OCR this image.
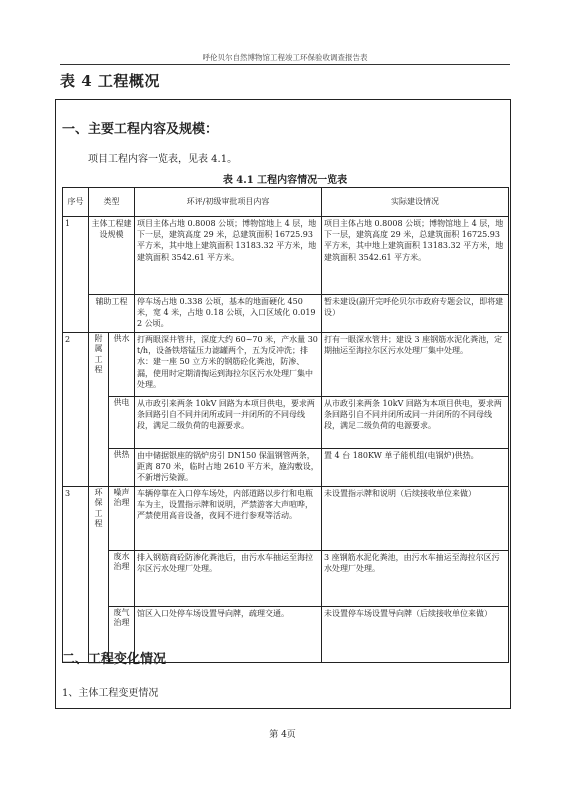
呼伦贝尔自然博物馆工程竣工环保验收调查报告表
表 4 工程概况
一、主要工程内容及规模：
项目工程内容一览表，见表 4.1。
表 4.1 工程内容情况一览表
序号	类型		环评/初级审批项目内容	实际建设情况
1	主体工程建设规模		项目主体占地 0.8008 公顷；博物馆地上 4 层，地下一层，建筑高度 29 米，总建筑面积 16725.93 平方米，其中地上建筑面积 13183.32 平方米，地建筑面积 3542.61 平方米。	项目主体占地 0.8008 公顷；博物馆地上 4 层，地下一层，建筑高度 29 米，总建筑面积 16725.93 平方米，其中地上建筑面积 13183.32 平方米，地建筑面积 3542.61 平方米。
	辅助工程		停车场占地 0.338 公顷，基本的地面硬化 450 米，宽 4 米，占地 0.18 公顷，入口区域化 0.0192 公顷。	暂未建设(副开完呼伦贝尔市政府专题会议，即将建设）
2	附属工程	供水	打两眼深井管井，深度大约 60~70 米，产水量 30t/h，设备铁塔锰压力滤罐两个，五为反冲洗；排水：建一座 50 立方米的钢筋砼化粪池，防渗、漏，使用时定期清掏运到海拉尔区污水处理厂集中处理。	打有一眼深水管井；建设 3 座钢筋水泥化粪池，定期抽运至海拉尔区污水处理厂集中处理。
		供电	从市政引来两条 10kV 回路为本项目供电，要求两条回路引自不同并闭所或同一并闭所的不同母线段，满足二级负荷的电源要求。	从市政引来两条 10kV 回路为本项目供电，要求两条回路引自不同并闭所或同一并闭所的不同母线段，满足二级负荷的电源要求。
		供热	由中储据银座的锅炉房引 DN150 保温钢管两条，距离 870 米，临时占地 2610 平方米，施沟敷设，不新增污染源。	置 4 台 180KW 单子能机组(电锅炉)供热。
3	环保工程	噪声治理	车辆停靠在入口停车场处，内部道路以步行和电瓶车为主，设置指示牌和说明，严禁游客大声喧哗，严禁使用高音设备，夜间不进行参观等活动。	未设置指示牌和说明（后续接收单位来做）
		废水治理	排入钢筋商砼防渗化粪池后，由污水车抽运至海拉尔区污水处理厂处理。	3 座钢筋水泥化粪池，由污水车抽运至海拉尔区污水处理厂处理。
		废气治理	馆区入口处停车场设置导向牌，疏理交通。	未设置停车场设置导向牌（后续接收单位来做）
二、工程变化情况
1、主体工程变更情况
第 4页
